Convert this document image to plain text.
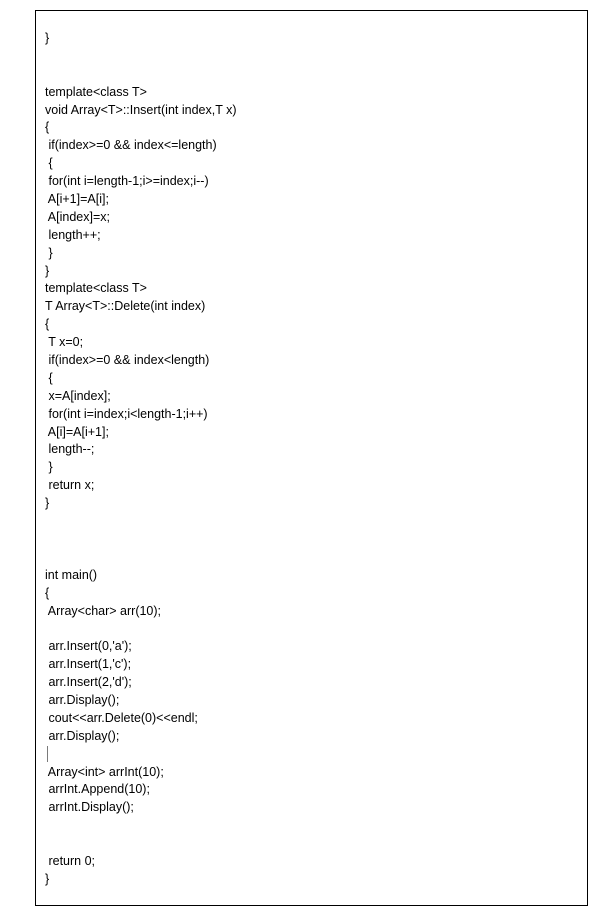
}
template<class T>
void Array<T>::Insert(int index,T x)
{
if(index>=0 && index<=length)
{
for(int i=length-1;i>=index;i--)
A[i+1]=A[i];
A[index]=x;
length++;
}
}
template<class T>
T Array<T>::Delete(int index)
{
T x=0;
if(index>=0 && index<length)
{
x=A[index];
for(int i=index;i<length-1;i++)
A[i]=A[i+1];
length--;
}
return x;
}
int main()
{
Array<char> arr(10);
arr.Insert(0,'a');
arr.Insert(1,'c');
arr.Insert(2,'d');
arr.Display();
cout<<arr.Delete(0)<<endl;
arr.Display();
Array<int> arrInt(10);
arrInt.Append(10);
arrInt.Display();
return 0;
}
